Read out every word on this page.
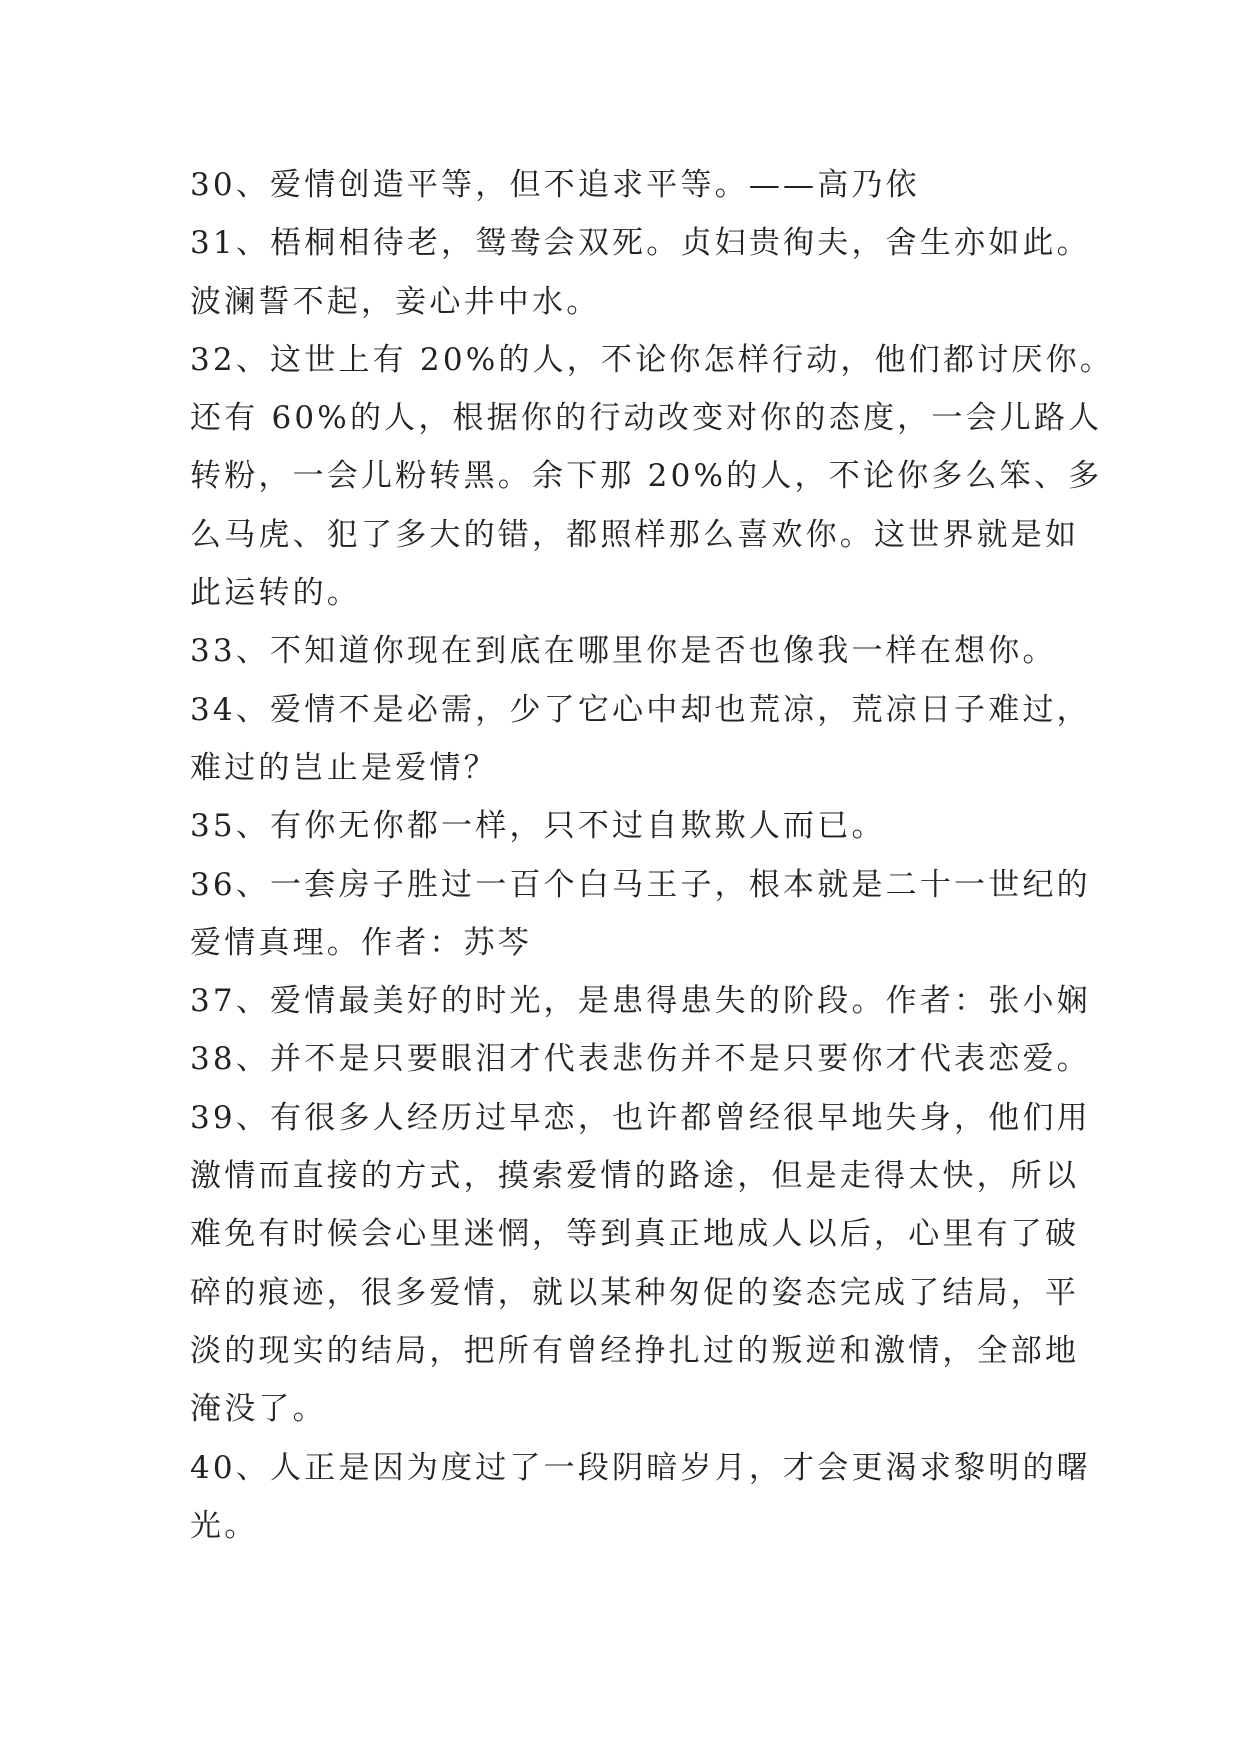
30、爱情创造平等，但不追求平等。——高乃依
31、梧桐相待老，鸳鸯会双死。贞妇贵徇夫，舍生亦如此。
波澜誓不起，妾心井中水。
32、这世上有 20%的人，不论你怎样行动，他们都讨厌你。
还有 60%的人，根据你的行动改变对你的态度，一会儿路人
转粉，一会儿粉转黑。余下那 20%的人，不论你多么笨、多
么马虎、犯了多大的错，都照样那么喜欢你。这世界就是如
此运转的。
33、不知道你现在到底在哪里你是否也像我一样在想你。
34、爱情不是必需，少了它心中却也荒凉，荒凉日子难过，
难过的岂止是爱情？
35、有你无你都一样，只不过自欺欺人而已。
36、一套房子胜过一百个白马王子，根本就是二十一世纪的
爱情真理。作者：苏芩
37、爱情最美好的时光，是患得患失的阶段。作者：张小娴
38、并不是只要眼泪才代表悲伤并不是只要你才代表恋爱。
39、有很多人经历过早恋，也许都曾经很早地失身，他们用
激情而直接的方式，摸索爱情的路途，但是走得太快，所以
难免有时候会心里迷惘，等到真正地成人以后，心里有了破
碎的痕迹，很多爱情，就以某种匆促的姿态完成了结局，平
淡的现实的结局，把所有曾经挣扎过的叛逆和激情，全部地
淹没了。
40、人正是因为度过了一段阴暗岁月，才会更渴求黎明的曙
光。
